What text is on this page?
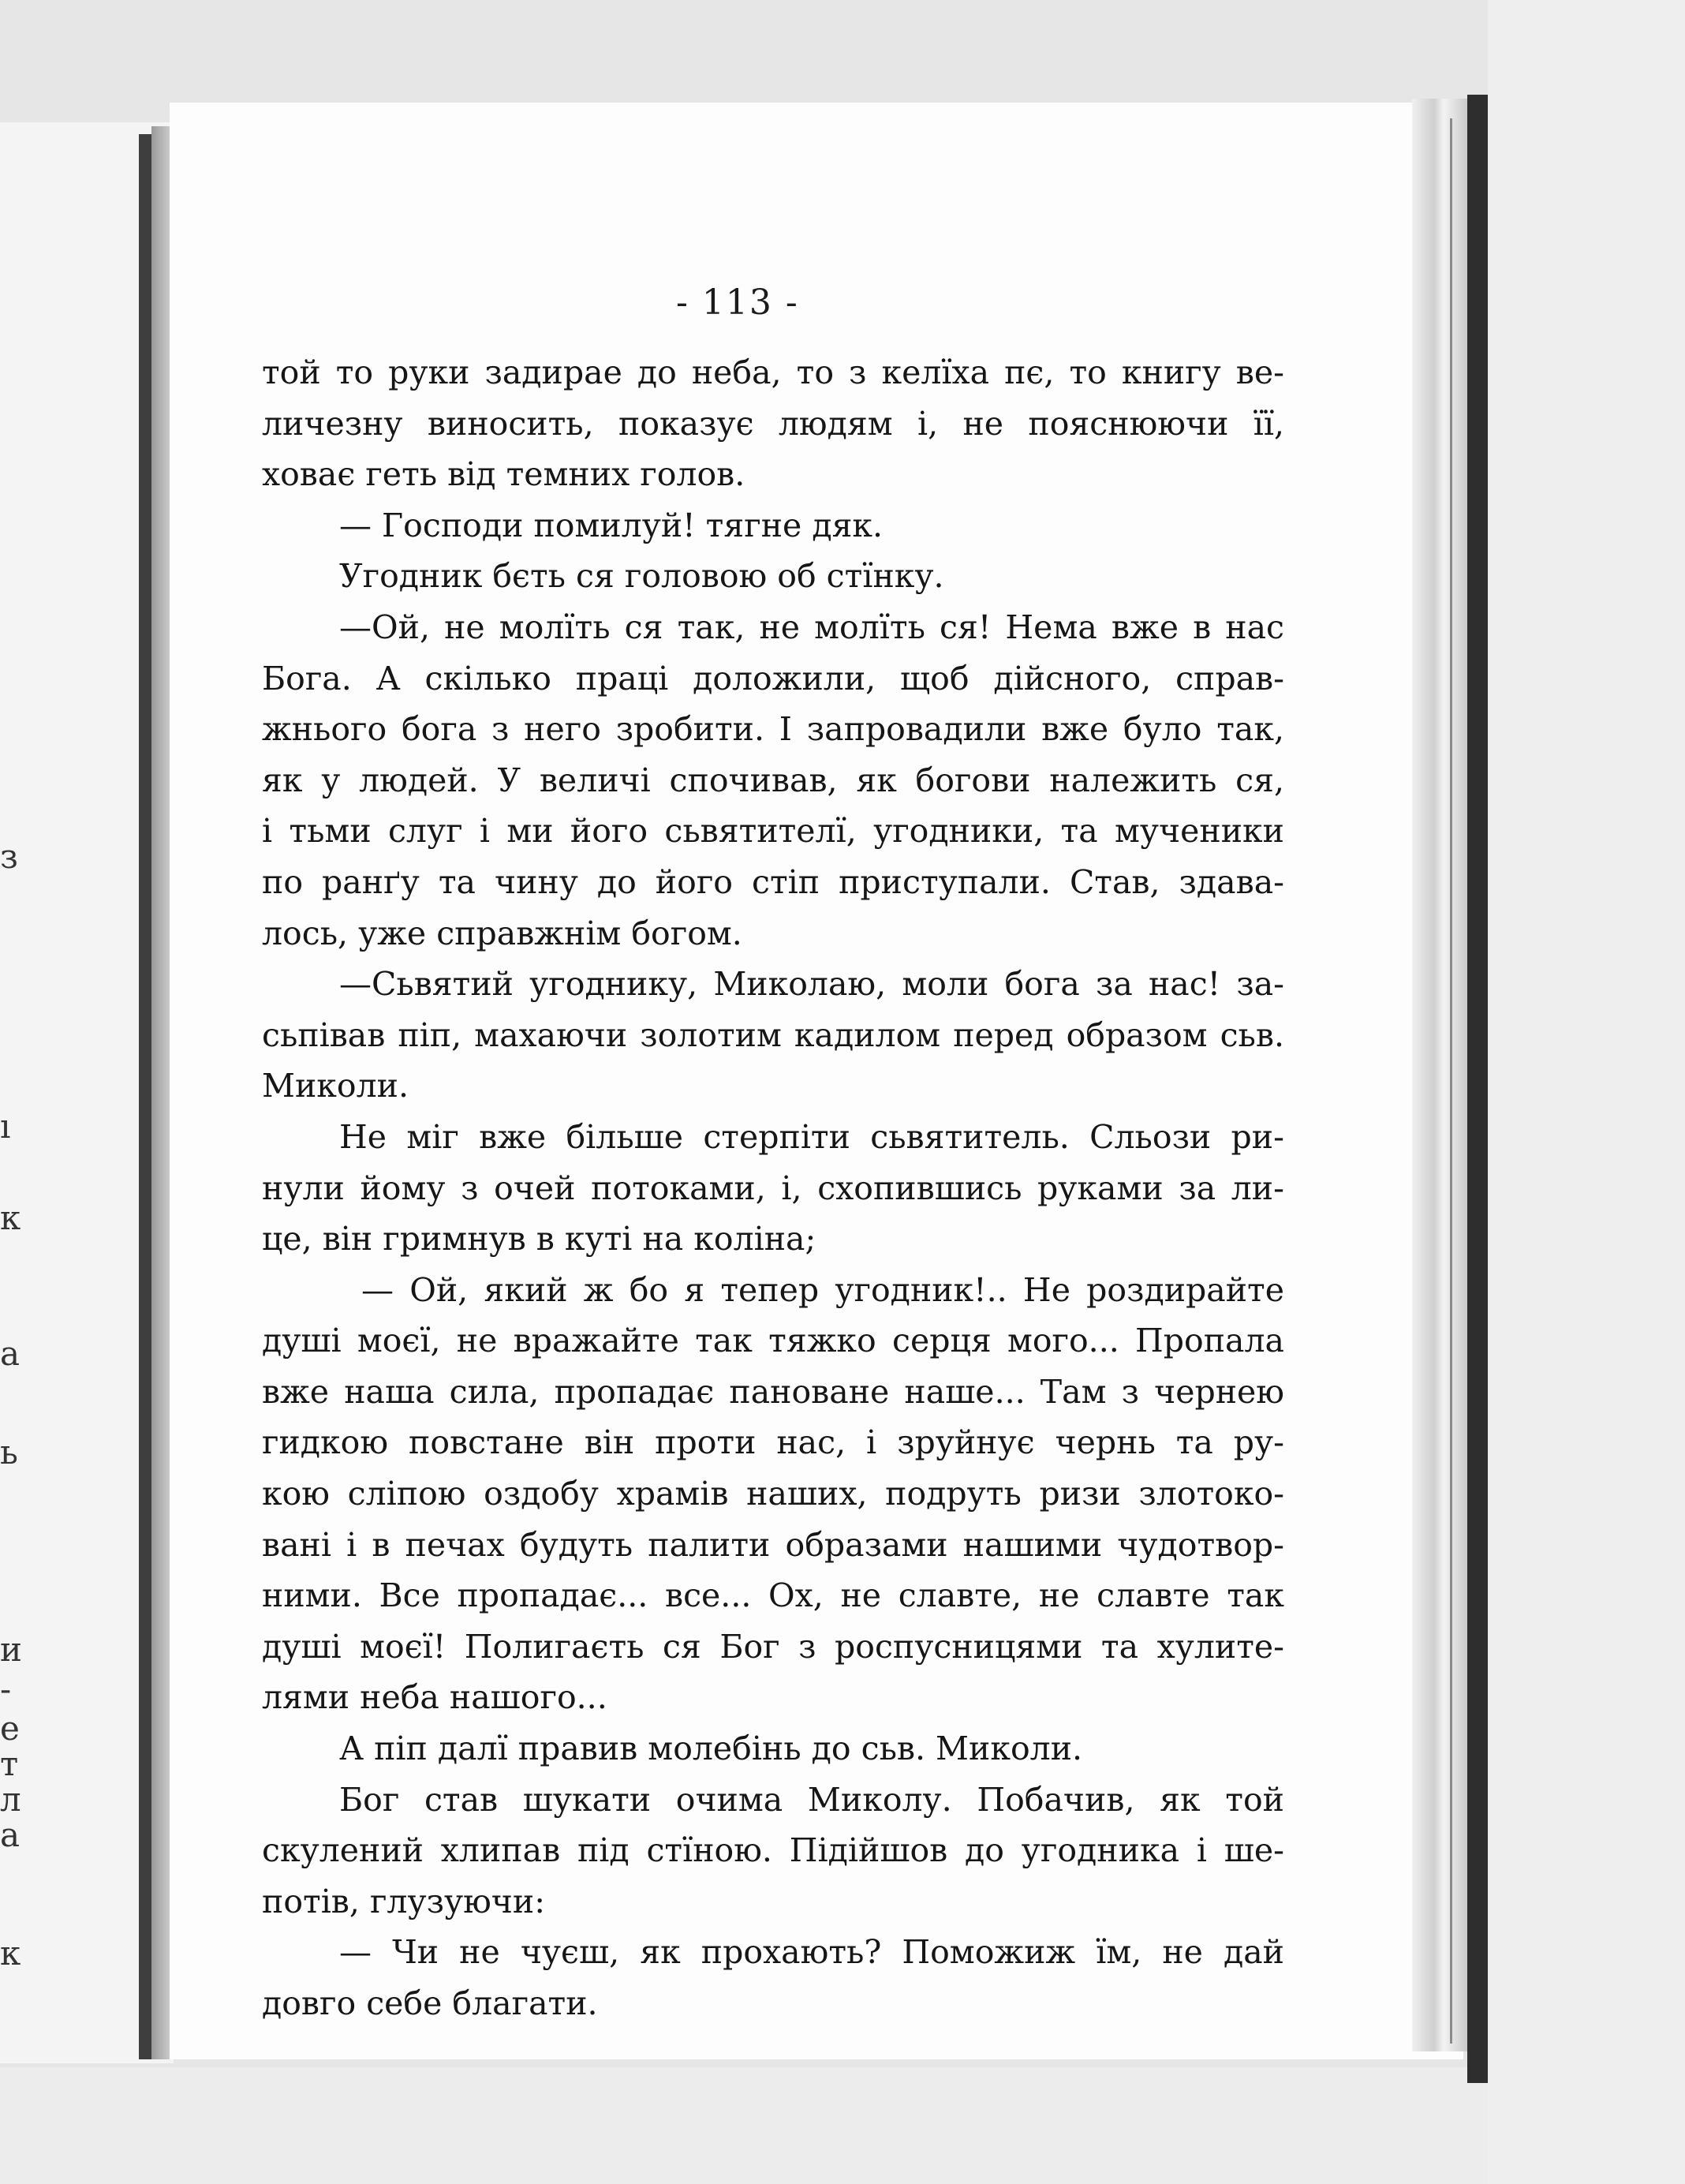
з
ı
к
а
ь
и
-
е
т
л
а
к
- 113 -
той то руки задирае до неба, то з келїха пє, то книгу ве-
личезну виносить, показує людям і, не пояснюючи її,
ховає геть від темних голов.
— Господи помилуй! тягне дяк.
Угодник бєть ся головою об стїнку.
—Ой, не молїть ся так, не молїть ся! Нема вже в нас
Бога. А скілько праці доложили, щоб дійсного, справ-
жнього бога з него зробити. І запровадили вже було так,
як у людей. У величі спочивав, як богови належить ся,
і тьми слуг і ми його сьвятителї, угодники, та мученики
по ранґу та чину до його стіп приступали. Став, здава-
лось, уже справжнім богом.
—Сьвятий угоднику, Миколаю, моли бога за нас! за-
сьпівав піп, махаючи золотим кадилом перед образом сьв.
Миколи.
Не міг вже більше стерпіти сьвятитель. Сльози ри-
нули йому з очей потоками, і, схопившись руками за ли-
це, він гримнув в куті на коліна;
— Ой, який ж бо я тепер угодник!.. Не роздирайте
душі моєї, не вражайте так тяжко серця мого... Пропала
вже наша сила, пропадає пановане наше... Там з чернею
гидкою повстане він проти нас, і зруйнує чернь та ру-
кою сліпою оздобу храмів наших, подруть ризи злотоко-
вані і в печах будуть палити образами нашими чудотвор-
ними. Все пропадає... все... Ох, не славте, не славте так
душі моєї! Полигаєть ся Бог з роспусницями та хулите-
лями неба нашого...
А піп далї правив молебінь до сьв. Миколи.
Бог став шукати очима Миколу. Побачив, як той
скулений хлипав під стїною. Підійшов до угодника і ше-
потів, глузуючи:
— Чи не чуєш, як прохають? Поможиж їм, не дай
довго себе благати.
